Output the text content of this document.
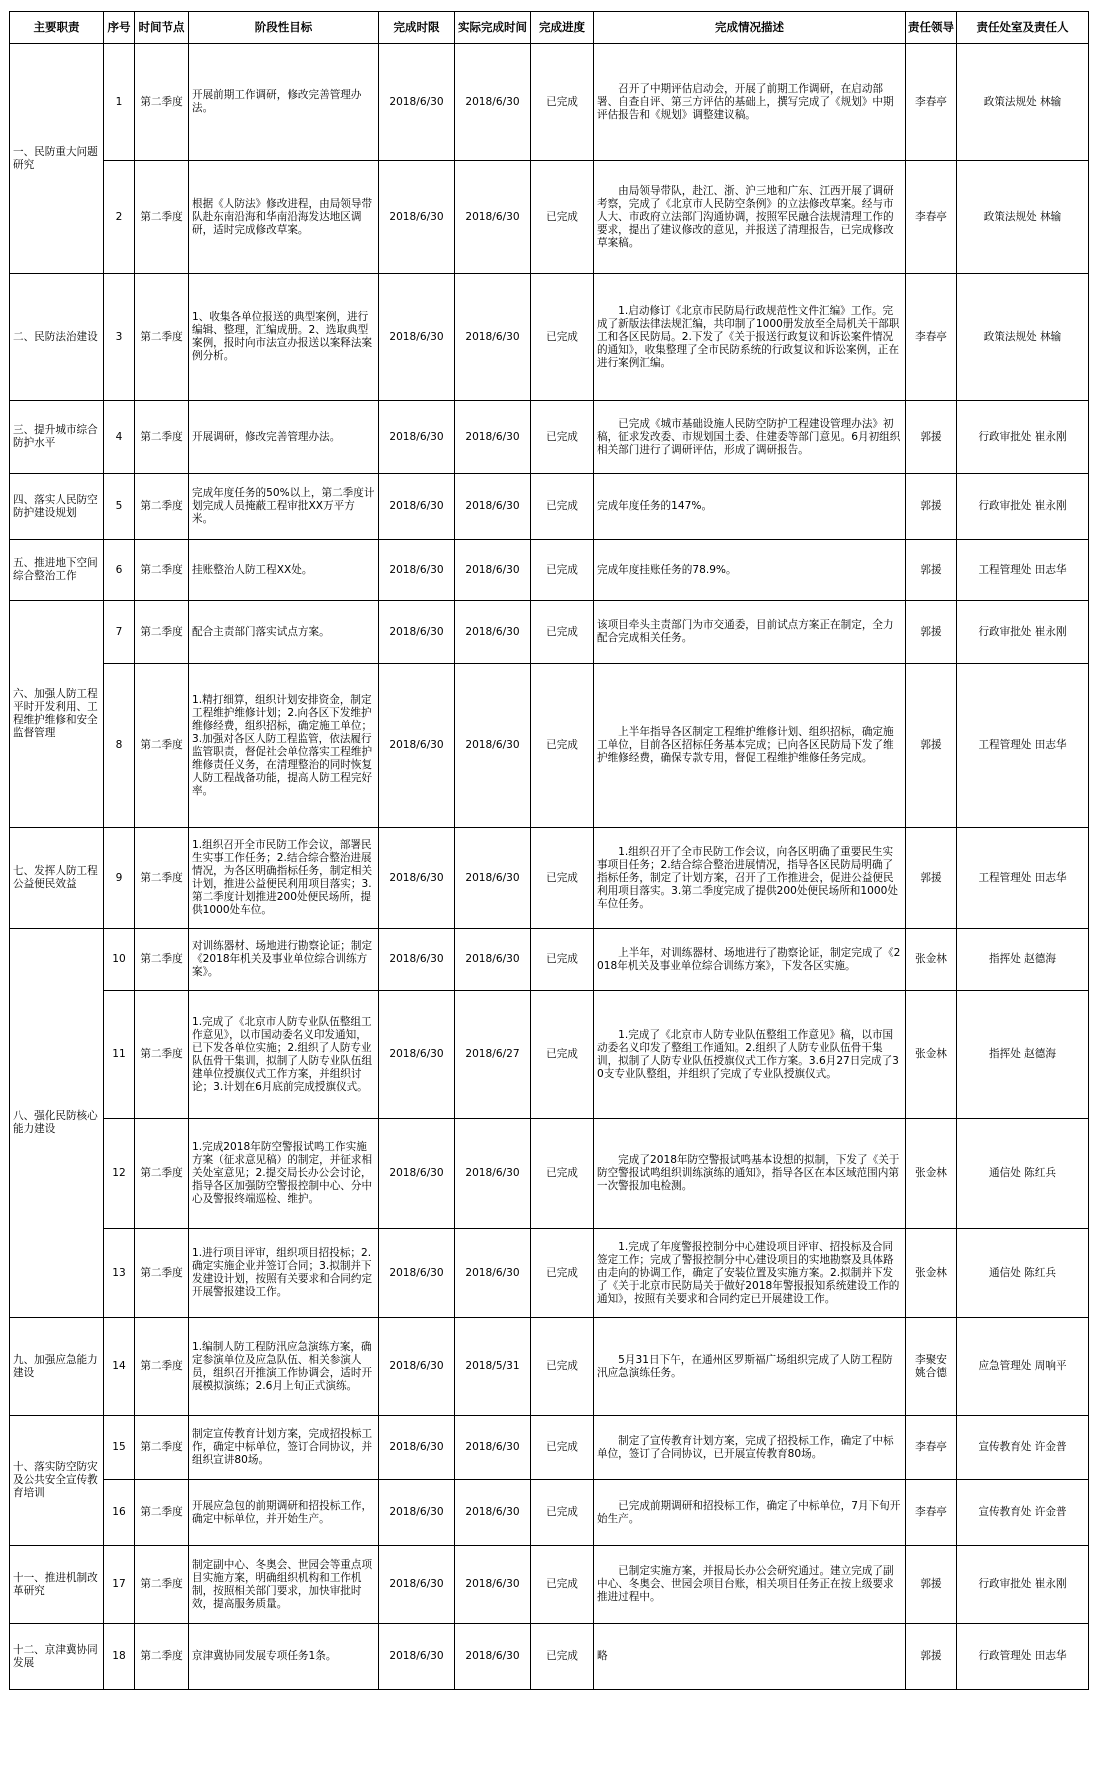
主要职责	序号	时间节点	阶段性目标	完成时限	实际完成时间	完成进度	完成情况描述	责任领导	责任处室及责任人
一、民防重大问题研究	1	第二季度	开展前期工作调研，修改完善管理办法。	2018/6/30	2018/6/30	已完成	　　召开了中期评估启动会，开展了前期工作调研，在启动部署、自查自评、第三方评估的基础上，撰写完成了《规划》中期评估报告和《规划》调整建议稿。	李春亭	政策法规处 林输
	2	第二季度	根据《人防法》修改进程，由局领导带队赴东南沿海和华南沿海发达地区调研，适时完成修改草案。	2018/6/30	2018/6/30	已完成	　　由局领导带队，赴江、浙、沪三地和广东、江西开展了调研考察，完成了《北京市人民防空条例》的立法修改草案。经与市人大、市政府立法部门沟通协调，按照军民融合法规清理工作的要求，提出了建议修改的意见，并报送了清理报告，已完成修改草案稿。	李春亭	政策法规处 林输
二、民防法治建设	3	第二季度	1、收集各单位报送的典型案例，进行编辑、整理，汇编成册。2、选取典型案例，报时向市法宣办报送以案释法案例分析。	2018/6/30	2018/6/30	已完成	　　1.启动修订《北京市民防局行政规范性文件汇编》工作。完成了新版法律法规汇编，共印制了1000册发放至全局机关干部职工和各区民防局。2.下发了《关于报送行政复议和诉讼案件情况的通知》，收集整理了全市民防系统的行政复议和诉讼案例，正在进行案例汇编。	李春亭	政策法规处 林输
三、提升城市综合防护水平	4	第二季度	开展调研，修改完善管理办法。	2018/6/30	2018/6/30	已完成	　　已完成《城市基础设施人民防空防护工程建设管理办法》初稿，征求发改委、市规划国土委、住建委等部门意见。6月初组织相关部门进行了调研评估，形成了调研报告。	郭援	行政审批处 崔永刚
四、落实人民防空防护建设规划	5	第二季度	完成年度任务的50%以上，第二季度计划完成人员掩蔽工程审批XX万平方米。	2018/6/30	2018/6/30	已完成	完成年度任务的147%。	郭援	行政审批处 崔永刚
五、推进地下空间综合整治工作	6	第二季度	挂账整治人防工程XX处。	2018/6/30	2018/6/30	已完成	完成年度挂账任务的78.9%。	郭援	工程管理处 田志华
六、加强人防工程平时开发利用、工程维护维修和安全监督管理	7	第二季度	配合主责部门落实试点方案。	2018/6/30	2018/6/30	已完成	该项目牵头主责部门为市交通委，目前试点方案正在制定，全力配合完成相关任务。	郭援	行政审批处 崔永刚
	8	第二季度	1.精打细算，组织计划安排资金，制定工程维护维修计划；2.向各区下发维护维修经费，组织招标，确定施工单位；3.加强对各区人防工程监管，依法履行监管职责，督促社会单位落实工程维护维修责任义务，在清理整治的同时恢复人防工程战备功能，提高人防工程完好率。	2018/6/30	2018/6/30	已完成	　　上半年指导各区制定工程维护维修计划、组织招标，确定施工单位，目前各区招标任务基本完成；已向各区民防局下发了维护维修经费，确保专款专用，督促工程维护维修任务完成。	郭援	工程管理处 田志华
七、发挥人防工程公益便民效益	9	第二季度	1.组织召开全市民防工作会议，部署民生实事工作任务；2.结合综合整治进展情况，为各区明确指标任务，制定相关计划，推进公益便民利用项目落实；3.第二季度计划推进200处便民场所，提供1000处车位。	2018/6/30	2018/6/30	已完成	　　1.组织召开了全市民防工作会议，向各区明确了重要民生实事项目任务；2.结合综合整治进展情况，指导各区民防局明确了指标任务，制定了计划方案，召开了工作推进会，促进公益便民利用项目落实。3.第二季度完成了提供200处便民场所和1000处车位任务。	郭援	工程管理处 田志华
八、强化民防核心能力建设	10	第二季度	对训练器材、场地进行勘察论证；制定《2018年机关及事业单位综合训练方案》。	2018/6/30	2018/6/30	已完成	　　上半年，对训练器材、场地进行了勘察论证，制定完成了《2018年机关及事业单位综合训练方案》，下发各区实施。	张金林	指挥处 赵德海
	11	第二季度	1.完成了《北京市人防专业队伍整组工作意见》，以市国动委名义印发通知，已下发各单位实施；2.组织了人防专业队伍骨干集训，拟制了人防专业队伍组建单位授旗仪式工作方案，并组织讨论；3.计划在6月底前完成授旗仪式。	2018/6/30	2018/6/27	已完成	　　1.完成了《北京市人防专业队伍整组工作意见》稿，以市国动委名义印发了整组工作通知。2.组织了人防专业队伍骨干集训，拟制了人防专业队伍授旗仪式工作方案。3.6月27日完成了30支专业队整组，并组织了完成了专业队授旗仪式。	张金林	指挥处 赵德海
	12	第二季度	1.完成2018年防空警报试鸣工作实施方案（征求意见稿）的制定，并征求相关处室意见；2.提交局长办公会讨论，指导各区加强防空警报控制中心、分中心及警报终端巡检、维护。	2018/6/30	2018/6/30	已完成	　　完成了2018年防空警报试鸣基本设想的拟制，下发了《关于防空警报试鸣组织训练演练的通知》，指导各区在本区域范围内第一次警报加电检测。	张金林	通信处 陈红兵
	13	第二季度	1.进行项目评审，组织项目招投标；2.确定实施企业并签订合同；3.拟制并下发建设计划，按照有关要求和合同约定开展警报建设工作。	2018/6/30	2018/6/30	已完成	　　1.完成了年度警报控制分中心建设项目评审、招投标及合同签定工作；完成了警报控制分中心建设项目的实地勘察及具体路由走向的协调工作，确定了安装位置及实施方案。2.拟制并下发了《关于北京市民防局关于做好2018年警报报知系统建设工作的通知》，按照有关要求和合同约定已开展建设工作。	张金林	通信处 陈红兵
九、加强应急能力建设	14	第二季度	1.编制人防工程防汛应急演练方案，确定参演单位及应急队伍、相关参演人员，组织召开推演工作协调会，适时开展模拟演练；2.6月上旬正式演练。	2018/6/30	2018/5/31	已完成	　　5月31日下午，在通州区罗斯福广场组织完成了人防工程防汛应急演练任务。	李聚安 姚合德	应急管理处 周响平
十、落实防空防灾及公共安全宣传教育培训	15	第二季度	制定宣传教育计划方案，完成招投标工作，确定中标单位，签订合同协议，并组织宣讲80场。	2018/6/30	2018/6/30	已完成	　　制定了宣传教育计划方案，完成了招投标工作，确定了中标单位，签订了合同协议，已开展宣传教育80场。	李春亭	宣传教育处 许金普
	16	第二季度	开展应急包的前期调研和招投标工作，确定中标单位，并开始生产。	2018/6/30	2018/6/30	已完成	　　已完成前期调研和招投标工作，确定了中标单位，7月下旬开始生产。	李春亭	宣传教育处 许金普
十一、推进机制改革研究	17	第二季度	制定副中心、冬奥会、世园会等重点项目实施方案，明确组织机构和工作机制，按照相关部门要求，加快审批时效，提高服务质量。	2018/6/30	2018/6/30	已完成	　　已制定实施方案，并报局长办公会研究通过。建立完成了副中心、冬奥会、世园会项目台账，相关项目任务正在按上级要求推进过程中。	郭援	行政审批处 崔永刚
十二、京津冀协同发展	18	第二季度	京津冀协同发展专项任务1条。	2018/6/30	2018/6/30	已完成	略	郭援	行政管理处 田志华
